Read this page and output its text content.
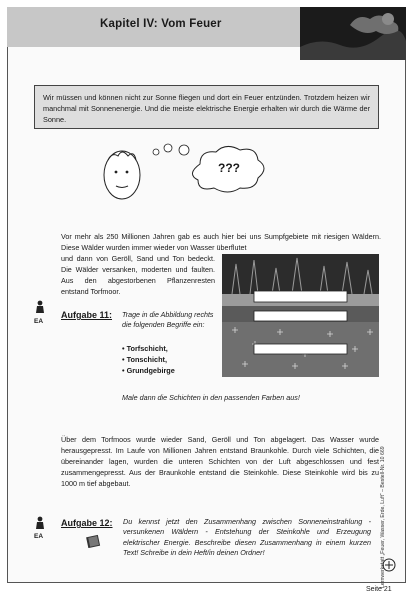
Kapitel IV: Vom Feuer
Wir müssen und können nicht zur Sonne fliegen und dort ein Feuer entzünden. Trotzdem heizen wir manchmal mit Sonnenenergie. Und die meiste elektrische Energie erhalten wir durch die Wärme der Sonne.
???
Vor mehr als 250 Millionen Jahren gab es auch hier bei uns Sumpfgebiete mit riesigen Wäldern. Diese Wälder wurden immer wieder von Wasser überflutet
und dann von Geröll, Sand und Ton bedeckt. Die Wälder versanken, moderten und faulten. Aus den abgestorbenen Pflanzenresten entstand Torfmoor.
EA
Aufgabe 11: Trage in die Abbildung rechts die folgenden Begriffe ein:
• Torfschicht,
• Tonschicht,
• Grundgebirge
Male dann die Schichten in den passenden Farben aus!
Über dem Torfmoos wurde wieder Sand, Geröll und Ton abgelagert. Das Wasser wurde herausgepresst. Im Laufe von Millionen Jahren entstand Braunkohle. Durch viele Schichten, die übereinander lagen, wurden die unteren Schichten von der Luft abgeschlossen und fest zusammengepresst. Aus der Braunkohle entstand die Steinkohle. Diese Steinkohle wird bis zu 1000 m tief abgebaut.
EA
Aufgabe 12: Du kennst jetzt den Zusammenhang zwischen Sonneneinstrahlung - versunkenen Wäldern - Entstehung der Steinkohle und Erzeugung elektrischer Energie. Beschreibe diesen Zusammenhang in einem kurzen Text! Schreibe in dein Heft/in deinen Ordner!	Lernwerkstatt „Feuer, Wasser, Erde, Luft“ – Bestell-Nr. 10 669
Seite 21
